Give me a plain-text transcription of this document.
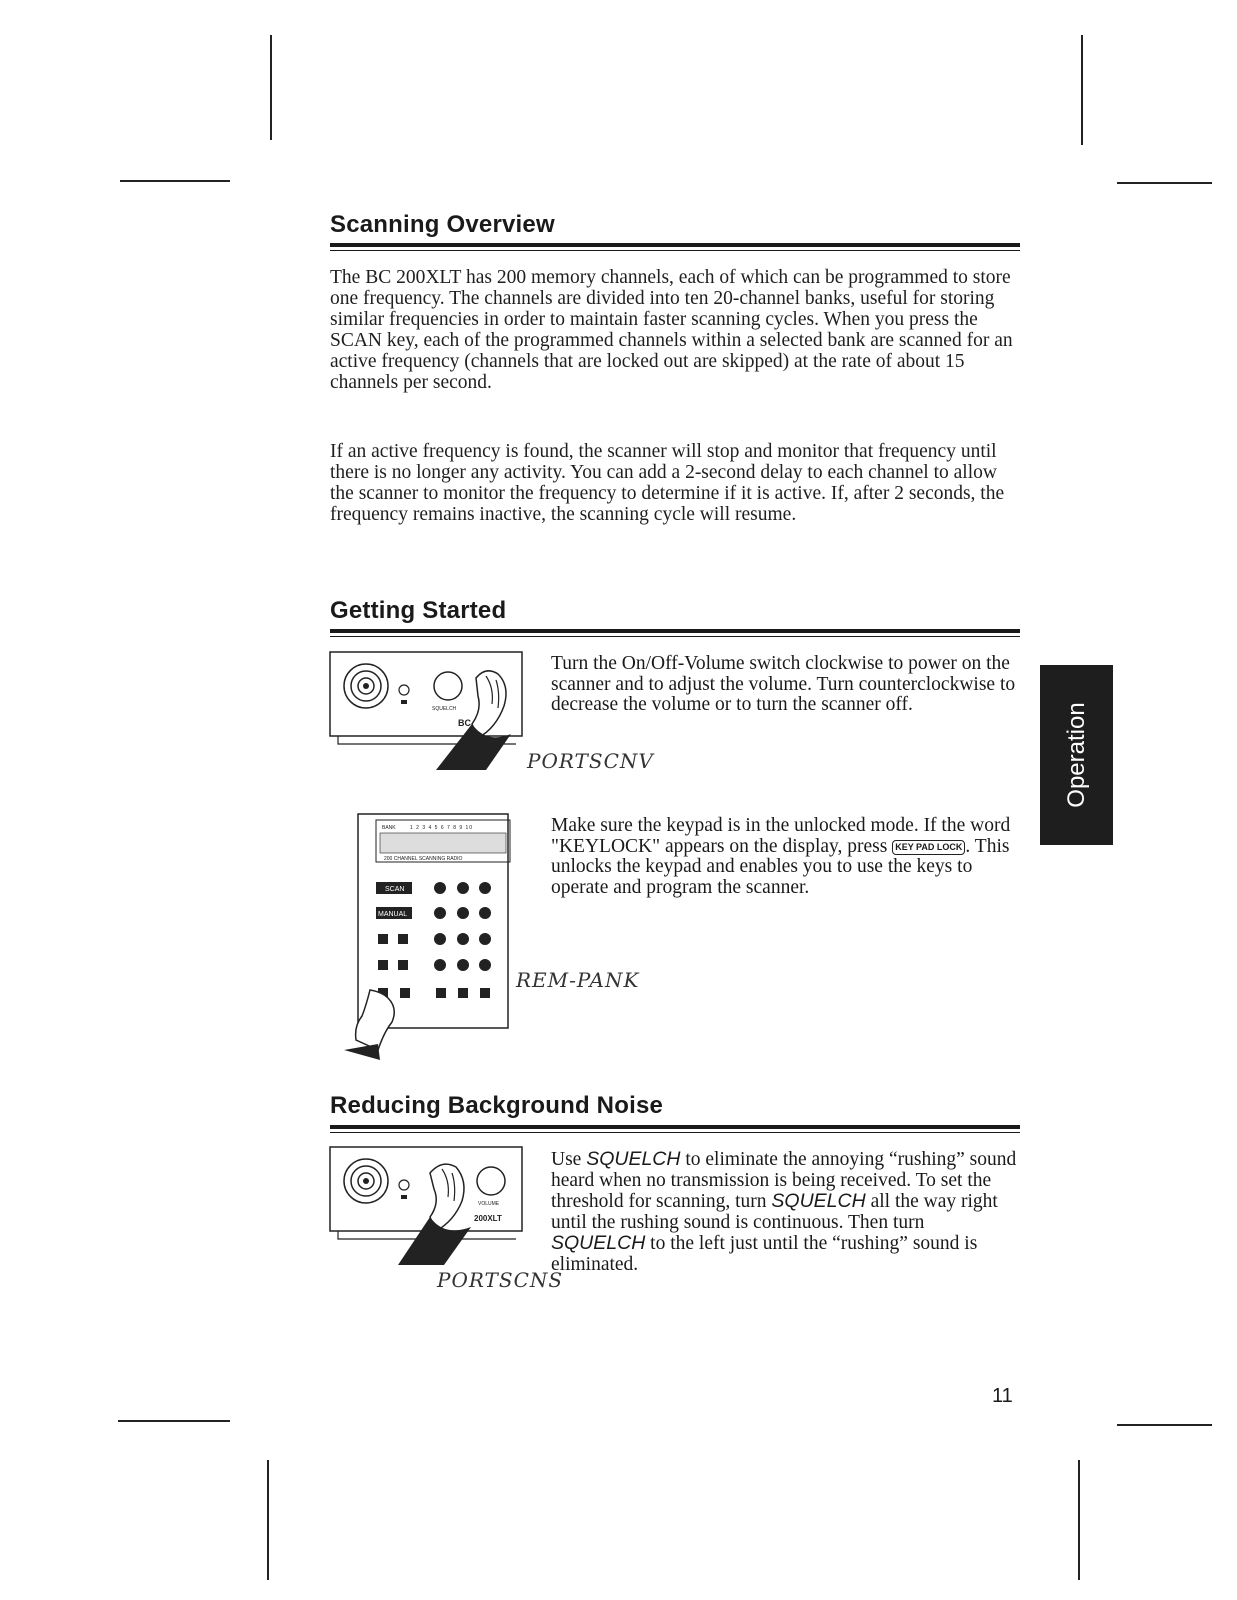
Scanning Overview

The BC 200XLT has 200 memory channels, each of which can be programmed to store one frequency. The channels are divided into ten 20-channel banks, useful for storing similar frequencies in order to maintain faster scanning cycles. When you press the SCAN key, each of the programmed channels within a selected bank are scanned for an active frequency (channels that are locked out are skipped) at the rate of about 15 channels per second.

If an active frequency is found, the scanner will stop and monitor that frequency until there is no longer any activity. You can add a 2-second delay to each channel to allow the scanner to monitor the frequency to determine if it is active. If, after 2 seconds, the frequency remains inactive, the scanning cycle will resume.

Getting Started
SQUELCH
BC

Turn the On/Off-Volume switch clockwise to power on the scanner and to adjust the volume. Turn counterclockwise to decrease the volume or to turn the scanner off.

PORTSCNV

BANK	1 2 3 4 5 6 7 8 9 10
200 CHANNEL SCANNING RADIO
SCAN
MANUAL

Make sure the keypad is in the unlocked mode. If the word "KEYLOCK" appears on the display, press KEY PAD LOCK . This unlocks the keypad and enables you to use the keys to operate and program the scanner.

REM-PANK

Reducing Background Noise
VOLUME
200XLT

Use SQUELCH to eliminate the annoying “rushing” sound heard when no transmission is being received. To set the threshold for scanning, turn SQUELCH all the way right until the rushing sound is continuous. Then turn SQUELCH to the left just until the “rushing” sound is eliminated.

PORTSCNS

Operation

11
